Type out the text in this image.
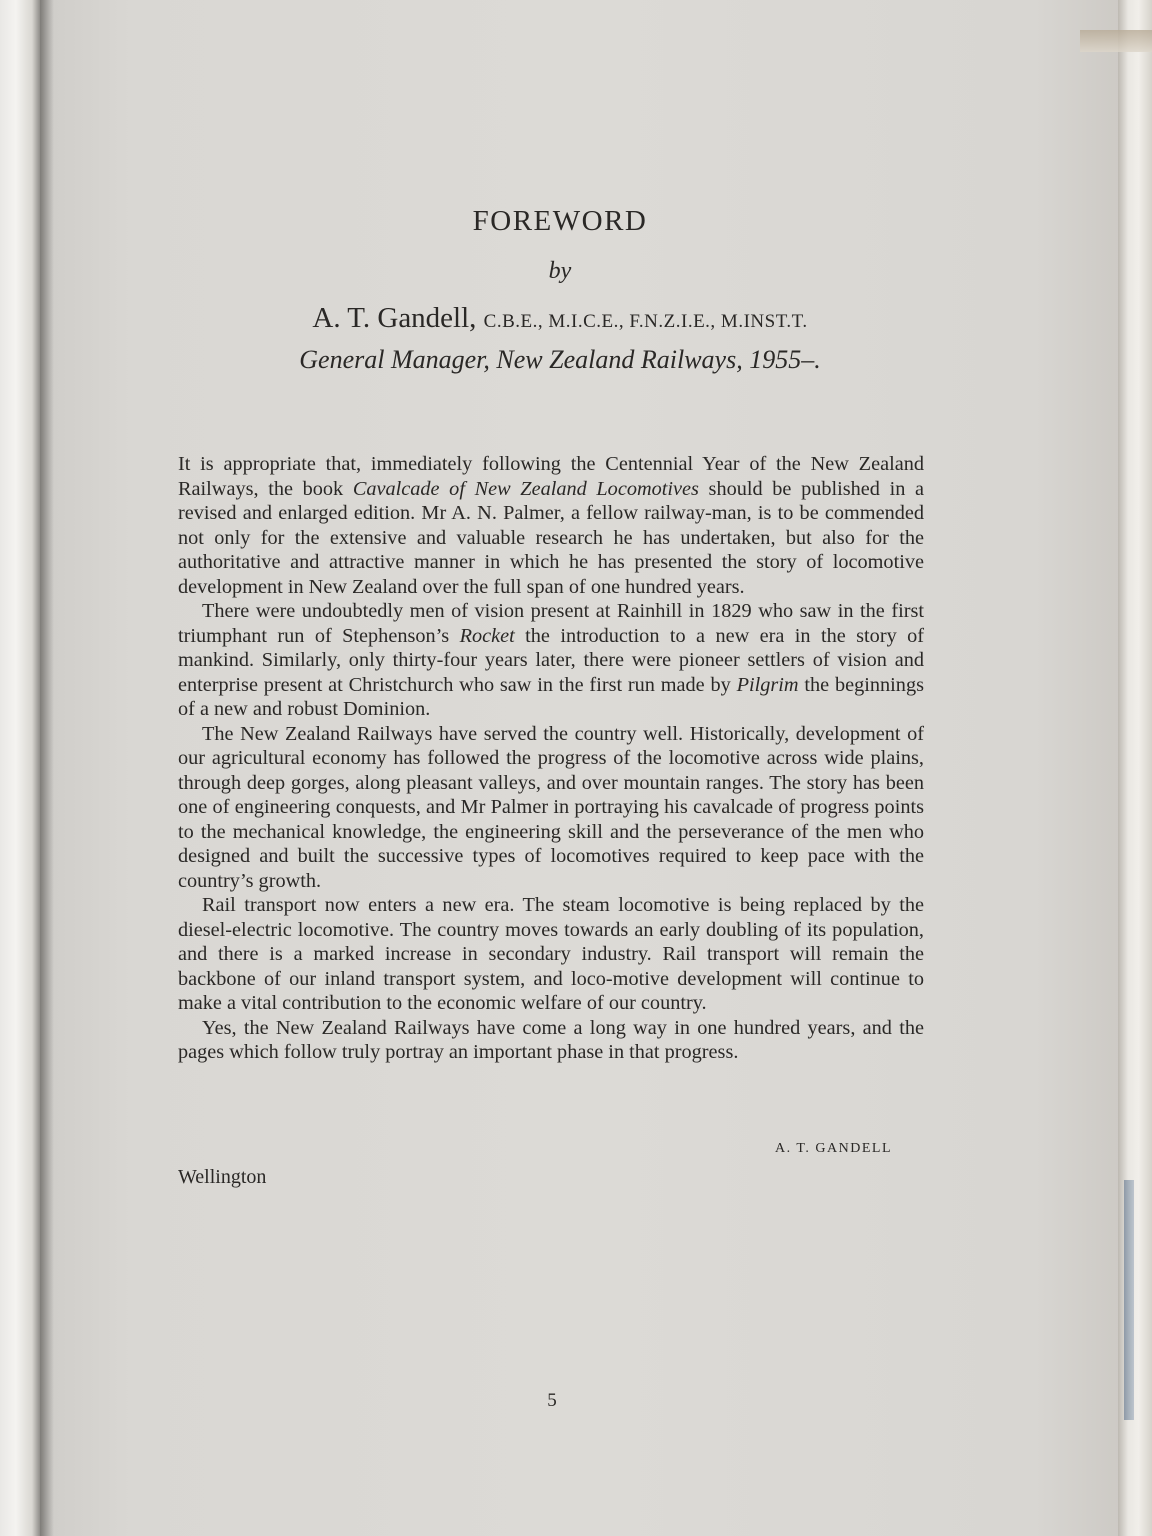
FOREWORD
by
A. T. Gandell, C.B.E., M.I.C.E., F.N.Z.I.E., M.INST.T.
General Manager, New Zealand Railways, 1955–.

It is appropriate that, immediately following the Centennial Year of the New Zealand Railways, the book Cavalcade of New Zealand Locomotives should be published in a revised and enlarged edition. Mr A. N. Palmer, a fellow railway-man, is to be commended not only for the extensive and valuable research he has undertaken, but also for the authoritative and attractive manner in which he has presented the story of locomotive development in New Zealand over the full span of one hundred years.

There were undoubtedly men of vision present at Rainhill in 1829 who saw in the first triumphant run of Stephenson’s Rocket the introduction to a new era in the story of mankind. Similarly, only thirty-four years later, there were pioneer settlers of vision and enterprise present at Christchurch who saw in the first run made by Pilgrim the beginnings of a new and robust Dominion.

The New Zealand Railways have served the country well. Historically, development of our agricultural economy has followed the progress of the locomotive across wide plains, through deep gorges, along pleasant valleys, and over mountain ranges. The story has been one of engineering conquests, and Mr Palmer in portraying his cavalcade of progress points to the mechanical knowledge, the engineering skill and the perseverance of the men who designed and built the successive types of locomotives required to keep pace with the country’s growth.

Rail transport now enters a new era. The steam locomotive is being replaced by the diesel-electric locomotive. The country moves towards an early doubling of its population, and there is a marked increase in secondary industry. Rail transport will remain the backbone of our inland transport system, and loco-motive development will continue to make a vital contribution to the economic welfare of our country.

Yes, the New Zealand Railways have come a long way in one hundred years, and the pages which follow truly portray an important phase in that progress.

A. T. GANDELL
Wellington
5
